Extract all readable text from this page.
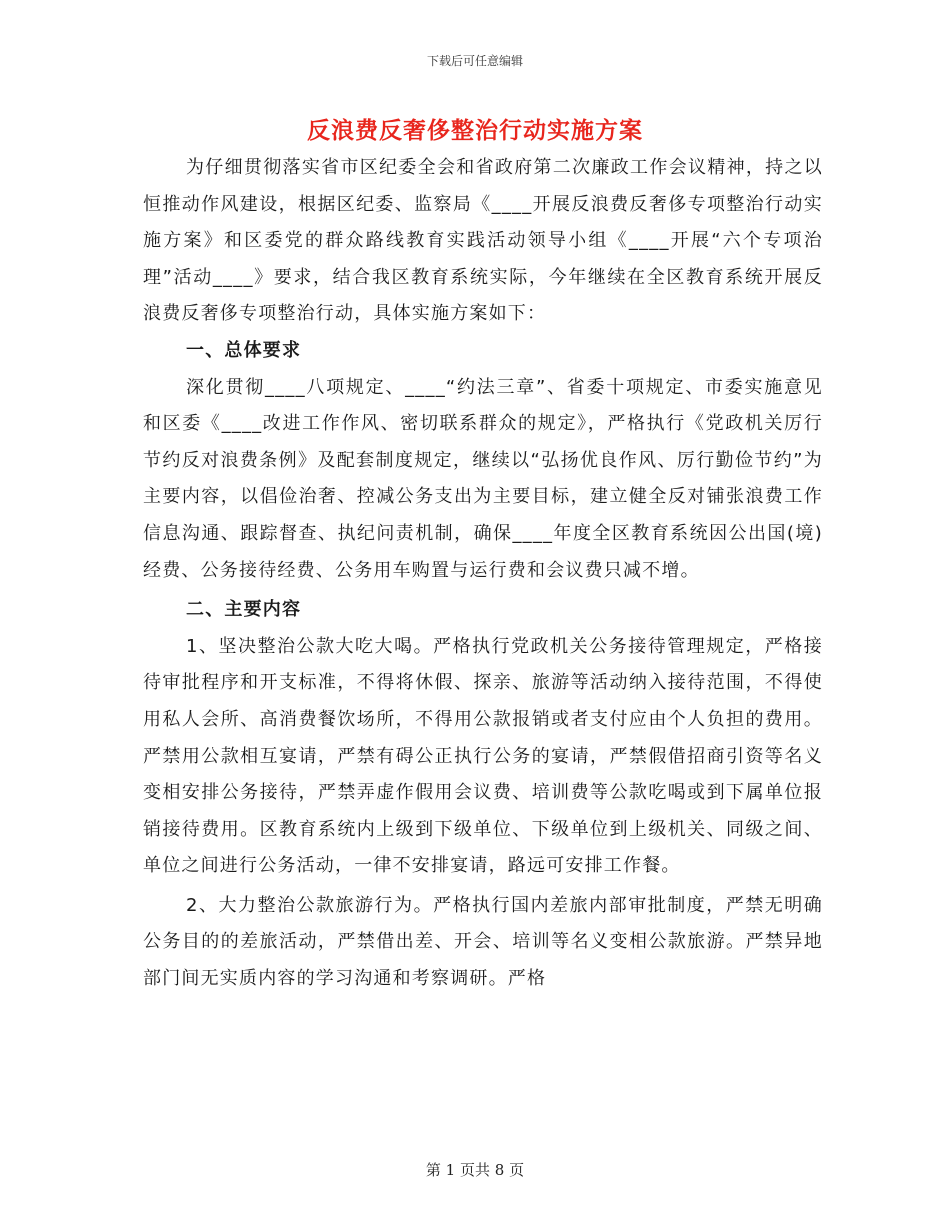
下载后可任意编辑
反浪费反奢侈整治行动实施方案

为仔细贯彻落实省市区纪委全会和省政府第二次廉政工作会议精神，持之以恒推动作风建设，根据区纪委、监察局《____开展反浪费反奢侈专项整治行动实施方案》和区委党的群众路线教育实践活动领导小组《____开展“六个专项治理”活动____》要求，结合我区教育系统实际，今年继续在全区教育系统开展反浪费反奢侈专项整治行动，具体实施方案如下：

一、总体要求

深化贯彻____八项规定、____“约法三章”、省委十项规定、市委实施意见和区委《____改进工作作风、密切联系群众的规定》，严格执行《党政机关厉行节约反对浪费条例》及配套制度规定，继续以“弘扬优良作风、厉行勤俭节约”为主要内容，以倡俭治奢、控减公务支出为主要目标，建立健全反对铺张浪费工作信息沟通、跟踪督查、执纪问责机制，确保____年度全区教育系统因公出国(境)经费、公务接待经费、公务用车购置与运行费和会议费只减不增。

二、主要内容

1、坚决整治公款大吃大喝。严格执行党政机关公务接待管理规定，严格接待审批程序和开支标准，不得将休假、探亲、旅游等活动纳入接待范围，不得使用私人会所、高消费餐饮场所，不得用公款报销或者支付应由个人负担的费用。严禁用公款相互宴请，严禁有碍公正执行公务的宴请，严禁假借招商引资等名义变相安排公务接待，严禁弄虚作假用会议费、培训费等公款吃喝或到下属单位报销接待费用。区教育系统内上级到下级单位、下级单位到上级机关、同级之间、单位之间进行公务活动，一律不安排宴请，路远可安排工作餐。

2、大力整治公款旅游行为。严格执行国内差旅内部审批制度，严禁无明确公务目的的差旅活动，严禁借出差、开会、培训等名义变相公款旅游。严禁异地部门间无实质内容的学习沟通和考察调研。严格

第 1 页共 8 页
